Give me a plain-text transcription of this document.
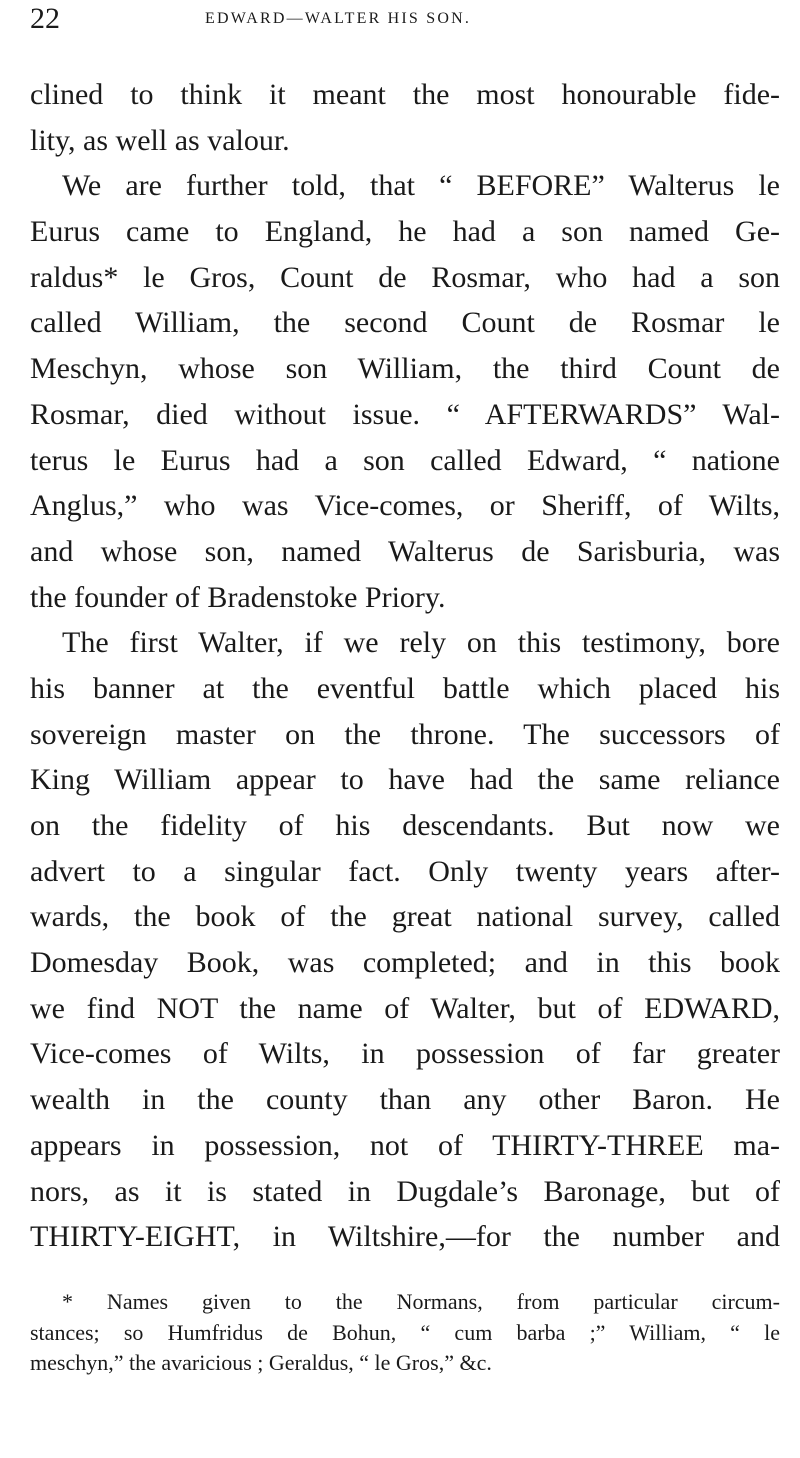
22	EDWARD—WALTER HIS SON.
clined to think it meant the most honourable fide-
lity, as well as valour.
We are further told, that “ BEFORE” Walterus le
Eurus came to England, he had a son named Ge-
raldus* le Gros, Count de Rosmar, who had a son
called William, the second Count de Rosmar le
Meschyn, whose son William, the third Count de
Rosmar, died without issue. “ AFTERWARDS” Wal-
terus le Eurus had a son called Edward, “ natione
Anglus,” who was Vice-comes, or Sheriff, of Wilts,
and whose son, named Walterus de Sarisburia, was
the founder of Bradenstoke Priory.
The first Walter, if we rely on this testimony, bore
his banner at the eventful battle which placed his
sovereign master on the throne. The successors of
King William appear to have had the same reliance
on the fidelity of his descendants. But now we
advert to a singular fact. Only twenty years after-
wards, the book of the great national survey, called
Domesday Book, was completed; and in this book
we find NOT the name of Walter, but of EDWARD,
Vice-comes of Wilts, in possession of far greater
wealth in the county than any other Baron. He
appears in possession, not of THIRTY-THREE ma-
nors, as it is stated in Dugdale’s Baronage, but of
THIRTY-EIGHT, in Wiltshire,—for the number and
* Names given to the Normans, from particular circum-
stances; so Humfridus de Bohun, “ cum barba ;” William, “ le
meschyn,” the avaricious ; Geraldus, “ le Gros,” &c.
